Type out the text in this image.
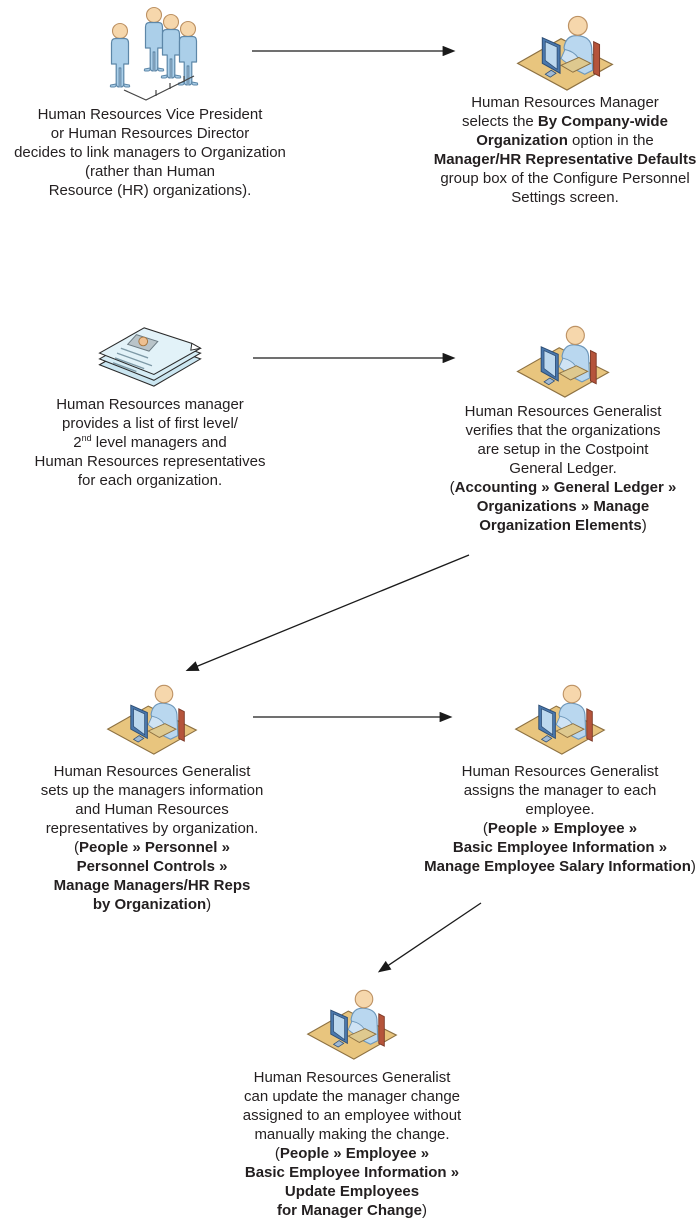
Human Resources Vice President
or Human Resources Director
decides to link managers to Organization
(rather than Human
Resource (HR) organizations).
Human Resources Manager
selects the By Company-wide
Organization option in the
Manager/HR Representative Defaults
group box of the Configure Personnel
Settings screen.
Human Resources manager
provides a list of first level/
2nd level managers and
Human Resources representatives
for each organization.
Human Resources Generalist
verifies that the organizations
are setup in the Costpoint
General Ledger.
(Accounting » General Ledger »
Organizations » Manage
Organization Elements)
Human Resources Generalist
sets up the managers information
and Human Resources
representatives by organization.
(People » Personnel »
Personnel Controls »
Manage Managers/HR Reps
by Organization)
Human Resources Generalist
assigns the manager to each
employee.
(People » Employee »
Basic Employee Information »
Manage Employee Salary Information)
Human Resources Generalist
can update the manager change
assigned to an employee without
manually making the change.
(People » Employee »
Basic Employee Information »
Update Employees
for Manager Change)
